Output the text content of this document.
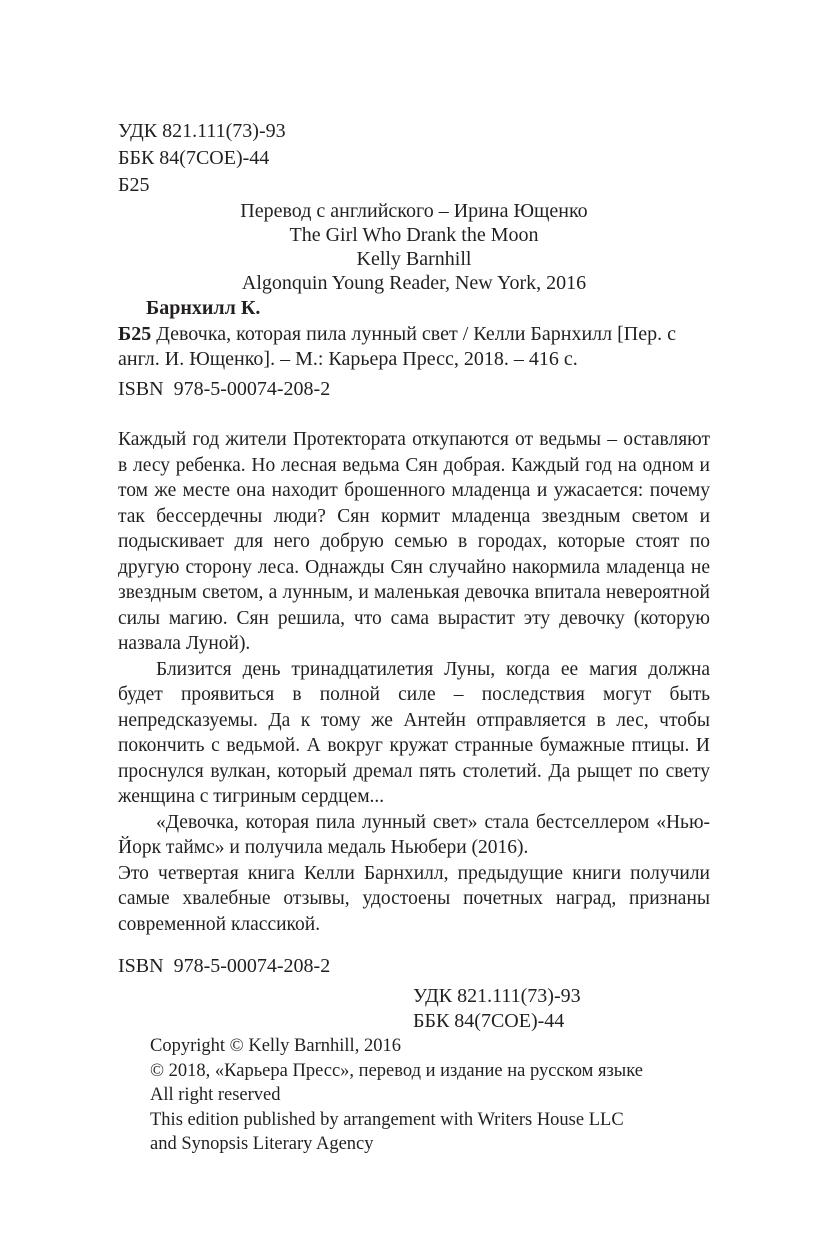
УДК 821.111(73)-93
ББК 84(7СОЕ)-44
Б25
Перевод с английского – Ирина Ющенко
The Girl Who Drank the Moon
Kelly Barnhill
Algonquin Young Reader, New York, 2016
Барнхилл К.
Б25 Девочка, которая пила лунный свет / Келли Барнхилл [Пер. с англ. И. Ющенко]. – М.: Карьера Пресс, 2018. – 416 с.
ISBN  978-5-00074-208-2

Каждый год жители Протектората откупаются от ведьмы – оставляют в лесу ребенка. Но лесная ведьма Сян добрая. Каждый год на одном и том же месте она находит брошенного младенца и ужасается: почему так бессердечны люди? Сян кормит младенца звездным светом и подыскивает для него добрую семью в городах, которые стоят по другую сторону леса. Однажды Сян случайно накормила младенца не звездным светом, а лунным, и маленькая девочка впитала невероятной силы магию. Сян решила, что сама вырастит эту девочку (которую назвала Луной).

Близится день тринадцатилетия Луны, когда ее магия должна будет проявиться в полной силе – последствия могут быть непредсказуемы. Да к тому же Антейн отправляется в лес, чтобы покончить с ведьмой. А вокруг кружат странные бумажные птицы. И проснулся вулкан, который дремал пять столетий. Да рыщет по свету женщина с тигриным сердцем...

«Девочка, которая пила лунный свет» стала бестселлером «Нью-Йорк таймс» и получила медаль Ньюбери (2016).

Это четвертая книга Келли Барнхилл, предыдущие книги получили самые хвалебные отзывы, удостоены почетных наград, признаны современной классикой.

ISBN  978-5-00074-208-2
УДК 821.111(73)-93
ББК 84(7СОЕ)-44
Copyright © Kelly Barnhill, 2016
© 2018, «Карьера Пресс», перевод и издание на русском языке
All right reserved
This edition published by arrangement with Writers House LLC
and Synopsis Literary Agency
